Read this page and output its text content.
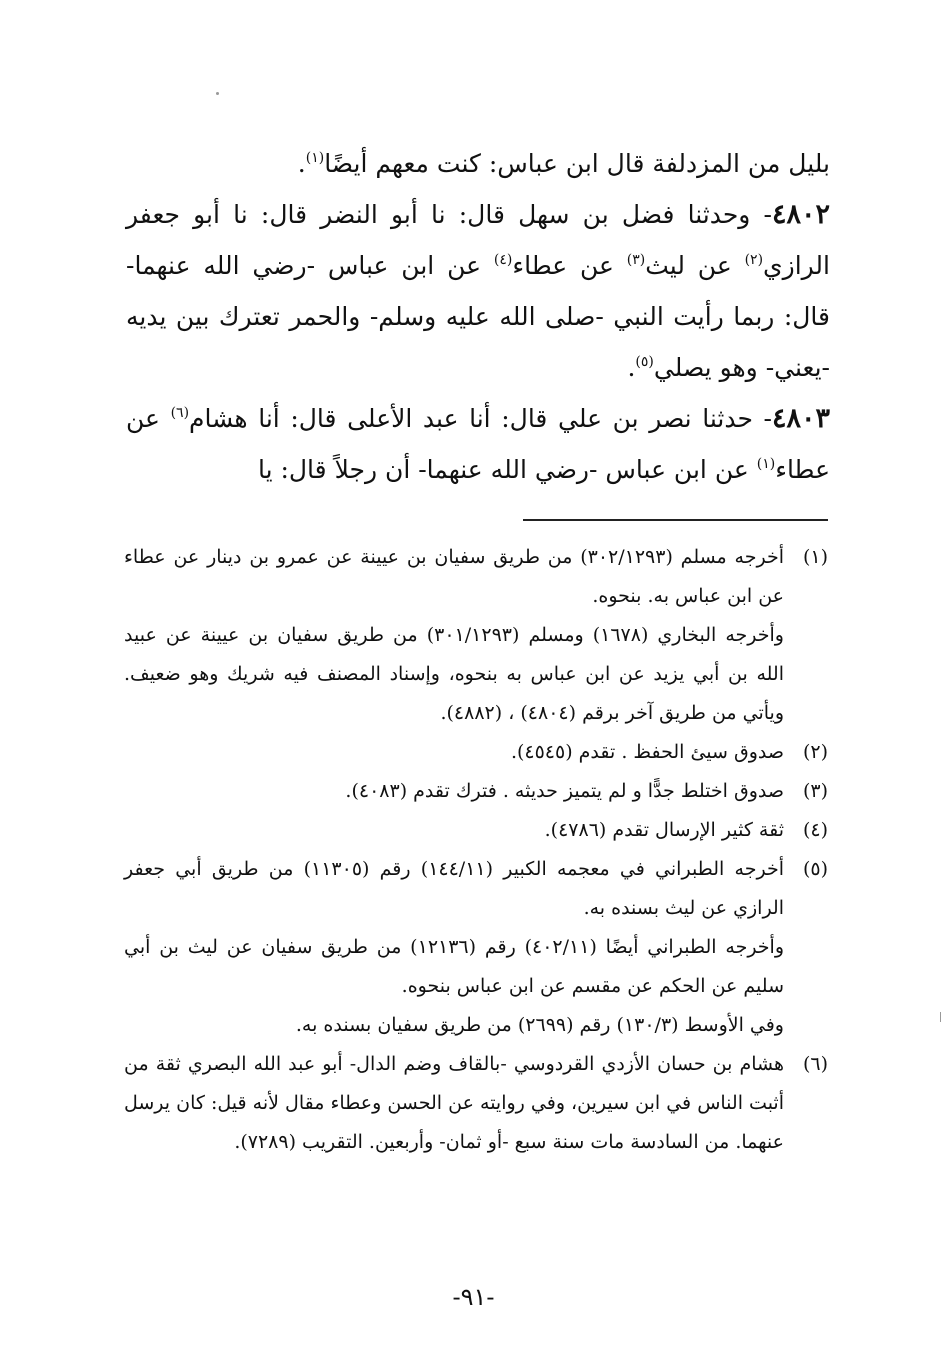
بليل من المزدلفة قال ابن عباس: كنت معهم أيضًا$^{(١)}$.

٤٨٠٢- وحدثنا فضل بن سهل قال: نا أبو النضر قال: نا أبو جعفر الرازي$^{(٢)}$ عن ليث$^{(٣)}$ عن عطاء$^{(٤)}$ عن ابن عباس -رضي الله عنهما- قال: ربما رأيت النبي -صلى الله عليه وسلم- والحمر تعترك بين يديه -يعني- وهو يصلي$^{(٥)}$.

٤٨٠٣- حدثنا نصر بن علي قال: أنا عبد الأعلى قال: أنا هشام$^{(٦)}$ عن عطاء$^{(١)}$ عن ابن عباس -رضي الله عنهما- أن رجلاً قال: يا

(١)
أخرجه مسلم (٣٠٢/١٢٩٣) من طريق سفيان بن عيينة عن عمرو بن دينار عن عطاء عن ابن عباس به. بنحوه.

وأخرجه البخاري (١٦٧٨) ومسلم (٣٠١/١٢٩٣) من طريق سفيان بن عيينة عن عبيد الله بن أبي يزيد عن ابن عباس به بنحوه، وإسناد المصنف فيه شريك وهو ضعيف. ويأتي من طريق آخر برقم (٤٨٠٤) ، (٤٨٨٢).

(٢)
صدوق سيئ الحفظ . تقدم (٤٥٤٥).

(٣)
صدوق اختلط جدًّا و لم يتميز حديثه . فترك تقدم (٤٠٨٣).

(٤)
ثقة كثير الإرسال تقدم (٤٧٨٦).

(٥)
أخرجه الطبراني في معجمه الكبير (١٤٤/١١) رقم (١١٣٠٥) من طريق أبي جعفر الرازي عن ليث بسنده به.

وأخرجه الطبراني أيضًا (٤٠٢/١١) رقم (١٢١٣٦) من طريق سفيان عن ليث بن أبي سليم عن الحكم عن مقسم عن ابن عباس بنحوه.

وفي الأوسط (١٣٠/٣) رقم (٢٦٩٩) من طريق سفيان بسنده به.

(٦)
هشام بن حسان الأزدي القردوسي -بالقاف وضم الدال- أبو عبد الله البصري ثقة من أثبت الناس في ابن سيرين، وفي روايته عن الحسن وعطاء مقال لأنه قيل: كان يرسل عنهما. من السادسة مات سنة سبع -أو ثمان- وأربعين. التقريب (٧٢٨٩).

-٩١-
